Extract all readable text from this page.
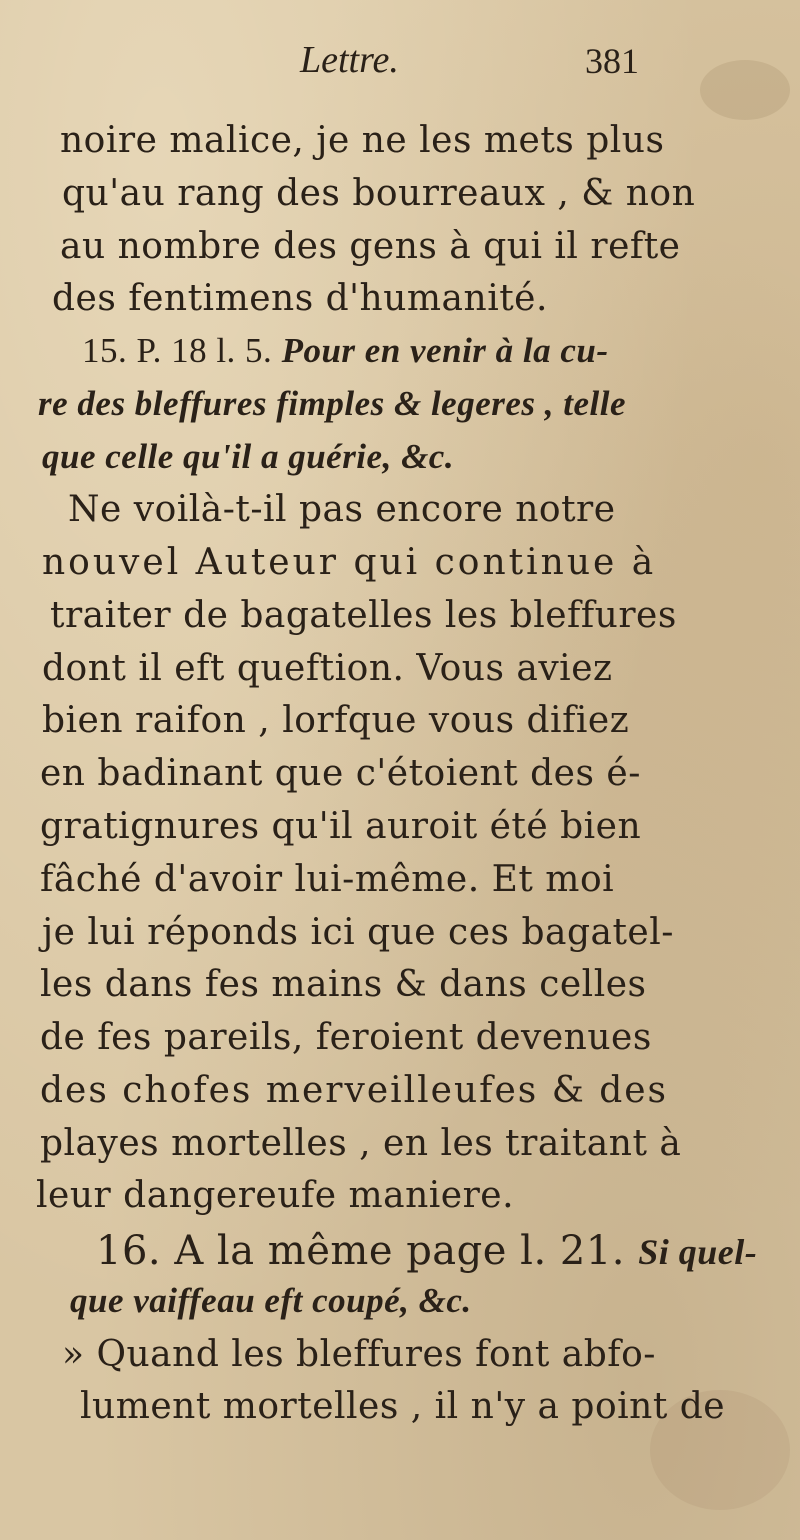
Lettre.	381
noire malice, je ne les mets plus
qu'au rang des bourreaux , & non
au nombre des gens à qui il refte
des fentimens d'humanité.
15. P. 18 l. 5. Pour en venir à la cu-
re des bleffures fimples & legeres , telle
que celle qu'il a guérie, &c.
Ne voilà-t-il pas encore notre
nouvel Auteur qui continue à
traiter de bagatelles les bleffures
dont il eft queftion. Vous aviez
bien raifon , lorfque vous difiez
en badinant que c'étoient des é-
gratignures qu'il auroit été bien
fâché d'avoir lui-même. Et moi
je lui réponds ici que ces bagatel-
les dans fes mains & dans celles
de fes pareils, feroient devenues
des chofes merveilleufes & des
playes mortelles , en les traitant à
leur dangereufe maniere.
16. A la même page l. 21. Si quel-
que vaiffeau eft coupé, &c.
» Quand les bleffures font abfo-
lument mortelles , il n'y a point de
